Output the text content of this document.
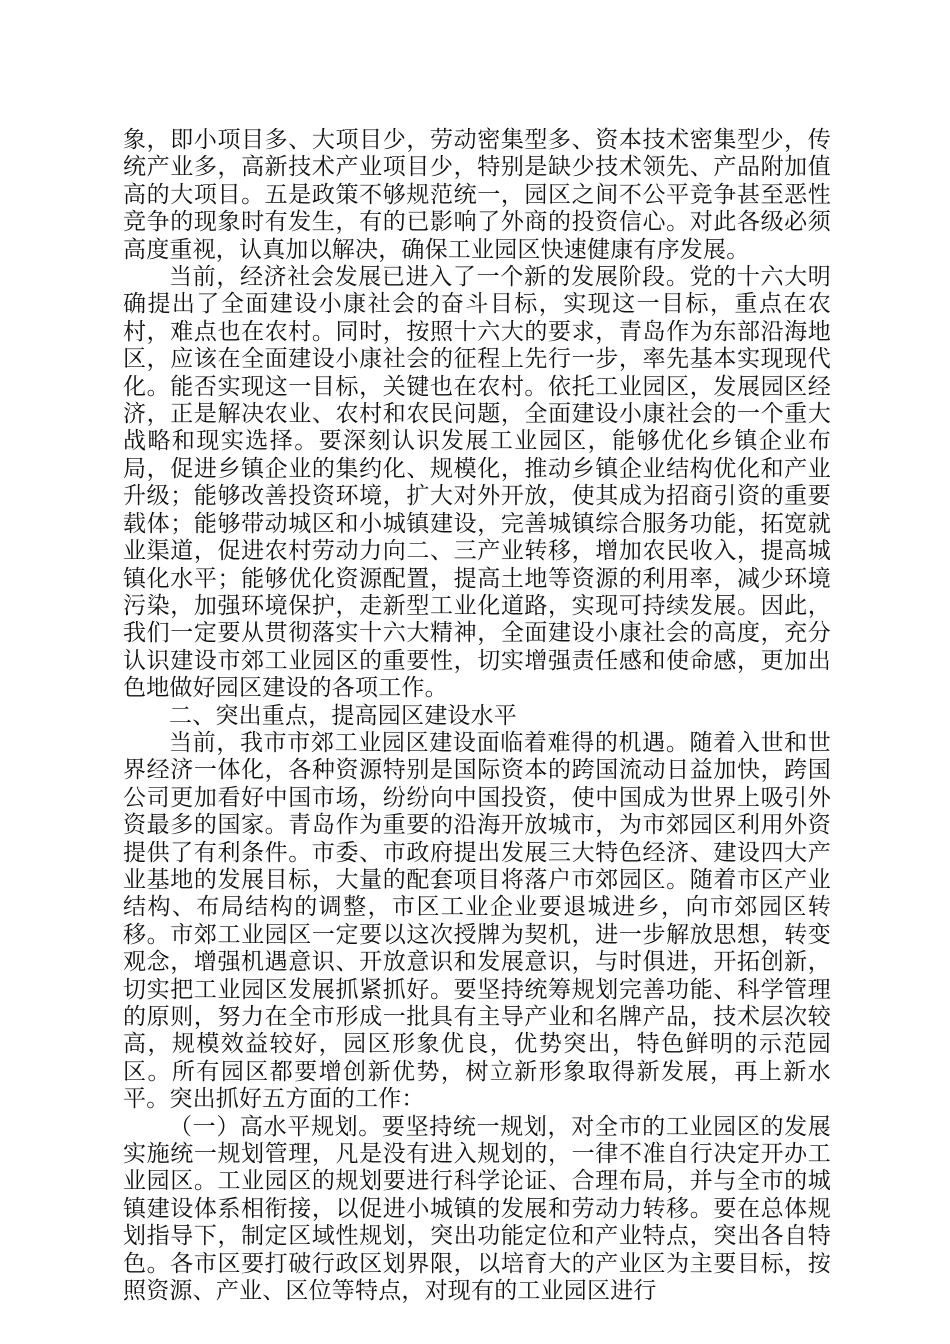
象，即小项目多、大项目少，劳动密集型多、资本技术密集型少，传统产业多，高新技术产业项目少，特别是缺少技术领先、产品附加值高的大项目。五是政策不够规范统一，园区之间不公平竞争甚至恶性竞争的现象时有发生，有的已影响了外商的投资信心。对此各级必须高度重视，认真加以解决，确保工业园区快速健康有序发展。

当前，经济社会发展已进入了一个新的发展阶段。党的十六大明确提出了全面建设小康社会的奋斗目标，实现这一目标，重点在农村，难点也在农村。同时，按照十六大的要求，青岛作为东部沿海地区，应该在全面建设小康社会的征程上先行一步，率先基本实现现代化。能否实现这一目标，关键也在农村。依托工业园区，发展园区经济，正是解决农业、农村和农民问题，全面建设小康社会的一个重大战略和现实选择。要深刻认识发展工业园区，能够优化乡镇企业布局，促进乡镇企业的集约化、规模化，推动乡镇企业结构优化和产业升级；能够改善投资环境，扩大对外开放，使其成为招商引资的重要载体；能够带动城区和小城镇建设，完善城镇综合服务功能，拓宽就业渠道，促进农村劳动力向二、三产业转移，增加农民收入，提高城镇化水平；能够优化资源配置，提高土地等资源的利用率，减少环境污染，加强环境保护，走新型工业化道路，实现可持续发展。因此，我们一定要从贯彻落实十六大精神，全面建设小康社会的高度，充分认识建设市郊工业园区的重要性，切实增强责任感和使命感，更加出色地做好园区建设的各项工作。

二、突出重点，提高园区建设水平

当前，我市市郊工业园区建设面临着难得的机遇。随着入世和世界经济一体化，各种资源特别是国际资本的跨国流动日益加快，跨国公司更加看好中国市场，纷纷向中国投资，使中国成为世界上吸引外资最多的国家。青岛作为重要的沿海开放城市，为市郊园区利用外资提供了有利条件。市委、市政府提出发展三大特色经济、建设四大产业基地的发展目标，大量的配套项目将落户市郊园区。随着市区产业结构、布局结构的调整，市区工业企业要退城进乡，向市郊园区转移。市郊工业园区一定要以这次授牌为契机，进一步解放思想，转变观念，增强机遇意识、开放意识和发展意识，与时俱进，开拓创新，切实把工业园区发展抓紧抓好。要坚持统筹规划完善功能、科学管理的原则，努力在全市形成一批具有主导产业和名牌产品，技术层次较高，规模效益较好，园区形象优良，优势突出，特色鲜明的示范园区。所有园区都要增创新优势，树立新形象取得新发展，再上新水平。突出抓好五方面的工作：

（一）高水平规划。要坚持统一规划，对全市的工业园区的发展实施统一规划管理，凡是没有进入规划的，一律不准自行决定开办工业园区。工业园区的规划要进行科学论证、合理布局，并与全市的城镇建设体系相衔接，以促进小城镇的发展和劳动力转移。要在总体规划指导下，制定区域性规划，突出功能定位和产业特点，突出各自特色。各市区要打破行政区划界限，以培育大的产业区为主要目标，按照资源、产业、区位等特点，对现有的工业园区进行
